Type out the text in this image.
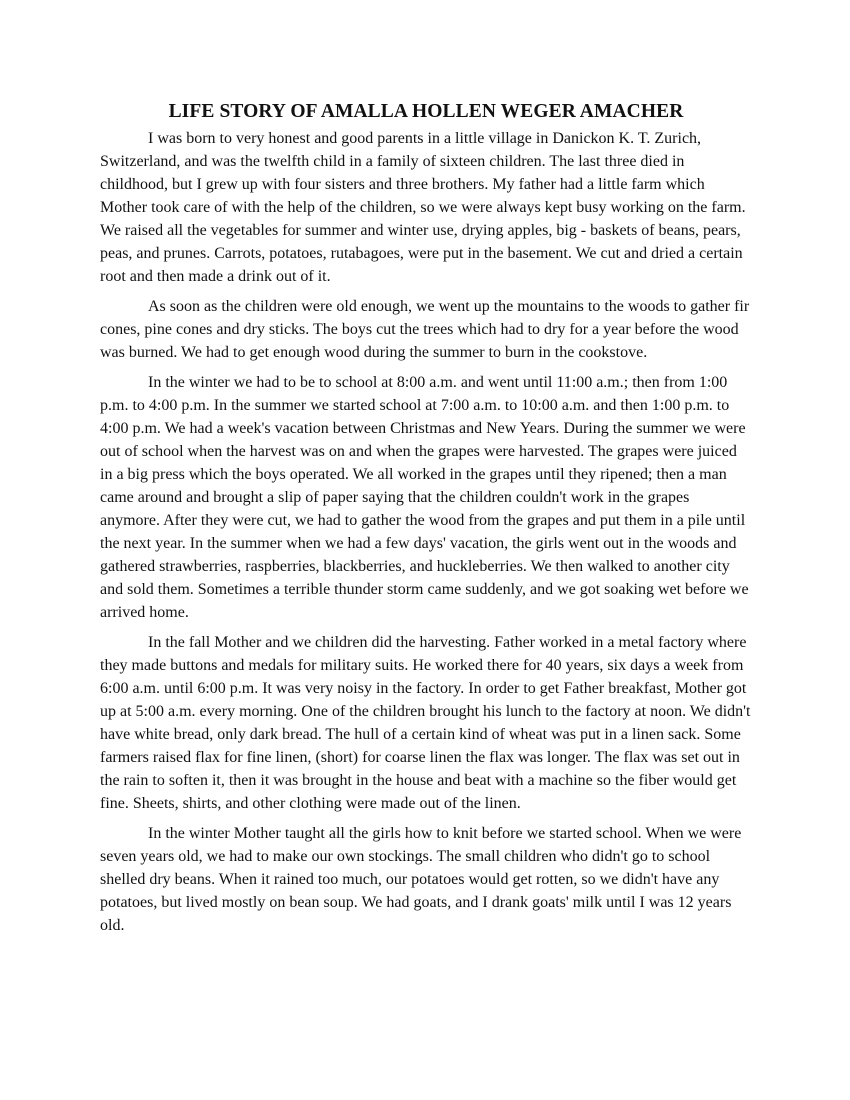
LIFE STORY OF AMALLA HOLLEN WEGER AMACHER

I was born to very honest and good parents in a little village in Danickon K. T. Zurich, Switzerland, and was the twelfth child in a family of sixteen children. The last three died in childhood, but I grew up with four sisters and three brothers. My father had a little farm which Mother took care of with the help of the children, so we were always kept busy working on the farm. We raised all the vegetables for summer and winter use, drying apples, big - baskets of beans, pears, peas, and prunes. Carrots, potatoes, rutabagoes, were put in the basement. We cut and dried a certain root and then made a drink out of it.

As soon as the children were old enough, we went up the mountains to the woods to gather fir cones, pine cones and dry sticks. The boys cut the trees which had to dry for a year before the wood was burned. We had to get enough wood during the summer to burn in the cookstove.

In the winter we had to be to school at 8:00 a.m. and went until 11:00 a.m.; then from 1:00 p.m. to 4:00 p.m. In the summer we started school at 7:00 a.m. to 10:00 a.m. and then 1:00 p.m. to 4:00 p.m. We had a week's vacation between Christmas and New Years. During the summer we were out of school when the harvest was on and when the grapes were harvested. The grapes were juiced in a big press which the boys operated. We all worked in the grapes until they ripened; then a man came around and brought a slip of paper saying that the children couldn't work in the grapes anymore. After they were cut, we had to gather the wood from the grapes and put them in a pile until the next year. In the summer when we had a few days' vacation, the girls went out in the woods and gathered strawberries, raspberries, blackberries, and huckleberries. We then walked to another city and sold them. Sometimes a terrible thunder storm came suddenly, and we got soaking wet before we arrived home.

In the fall Mother and we children did the harvesting. Father worked in a metal factory where they made buttons and medals for military suits. He worked there for 40 years, six days a week from 6:00 a.m. until 6:00 p.m. It was very noisy in the factory. In order to get Father breakfast, Mother got up at 5:00 a.m. every morning. One of the children brought his lunch to the factory at noon. We didn't have white bread, only dark bread. The hull of a certain kind of wheat was put in a linen sack. Some farmers raised flax for fine linen, (short) for coarse linen the flax was longer. The flax was set out in the rain to soften it, then it was brought in the house and beat with a machine so the fiber would get fine. Sheets, shirts, and other clothing were made out of the linen.

In the winter Mother taught all the girls how to knit before we started school. When we were seven years old, we had to make our own stockings. The small children who didn't go to school shelled dry beans. When it rained too much, our potatoes would get rotten, so we didn't have any potatoes, but lived mostly on bean soup. We had goats, and I drank goats' milk until I was 12 years old.
